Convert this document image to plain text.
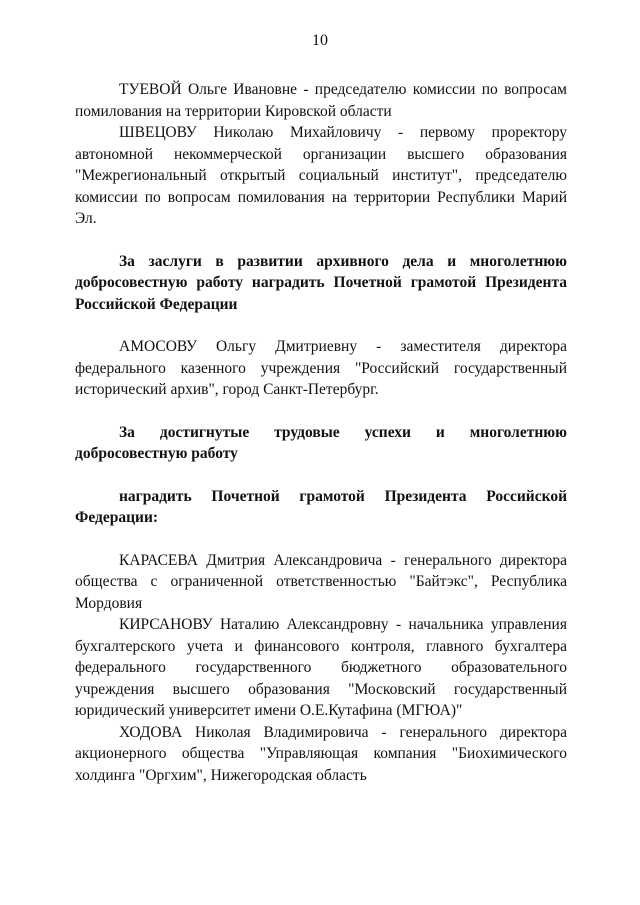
10

ТУЕВОЙ Ольге Ивановне - председателю комиссии по вопросам помилования на территории Кировской области

ШВЕЦОВУ Николаю Михайловичу - первому проректору автономной некоммерческой организации высшего образования "Межрегиональный открытый социальный институт", председателю комиссии по вопросам помилования на территории Республики Марий Эл.

За заслуги в развитии архивного дела и многолетнюю добросовестную работу наградить Почетной грамотой Президента Российской Федерации

АМОСОВУ Ольгу Дмитриевну - заместителя директора федерального казенного учреждения "Российский государственный исторический архив", город Санкт-Петербург.

За достигнутые трудовые успехи и многолетнюю добросовестную работу

наградить Почетной грамотой Президента Российской Федерации:

КАРАСЕВА Дмитрия Александровича - генерального директора общества с ограниченной ответственностью "Байтэкс", Республика Мордовия

КИРСАНОВУ Наталию Александровну - начальника управления бухгалтерского учета и финансового контроля, главного бухгалтера федерального государственного бюджетного образовательного учреждения высшего образования "Московский государственный юридический университет имени О.Е.Кутафина (МГЮА)"

ХОДОВА Николая Владимировича - генерального директора акционерного общества "Управляющая компания "Биохимического холдинга "Оргхим", Нижегородская область
